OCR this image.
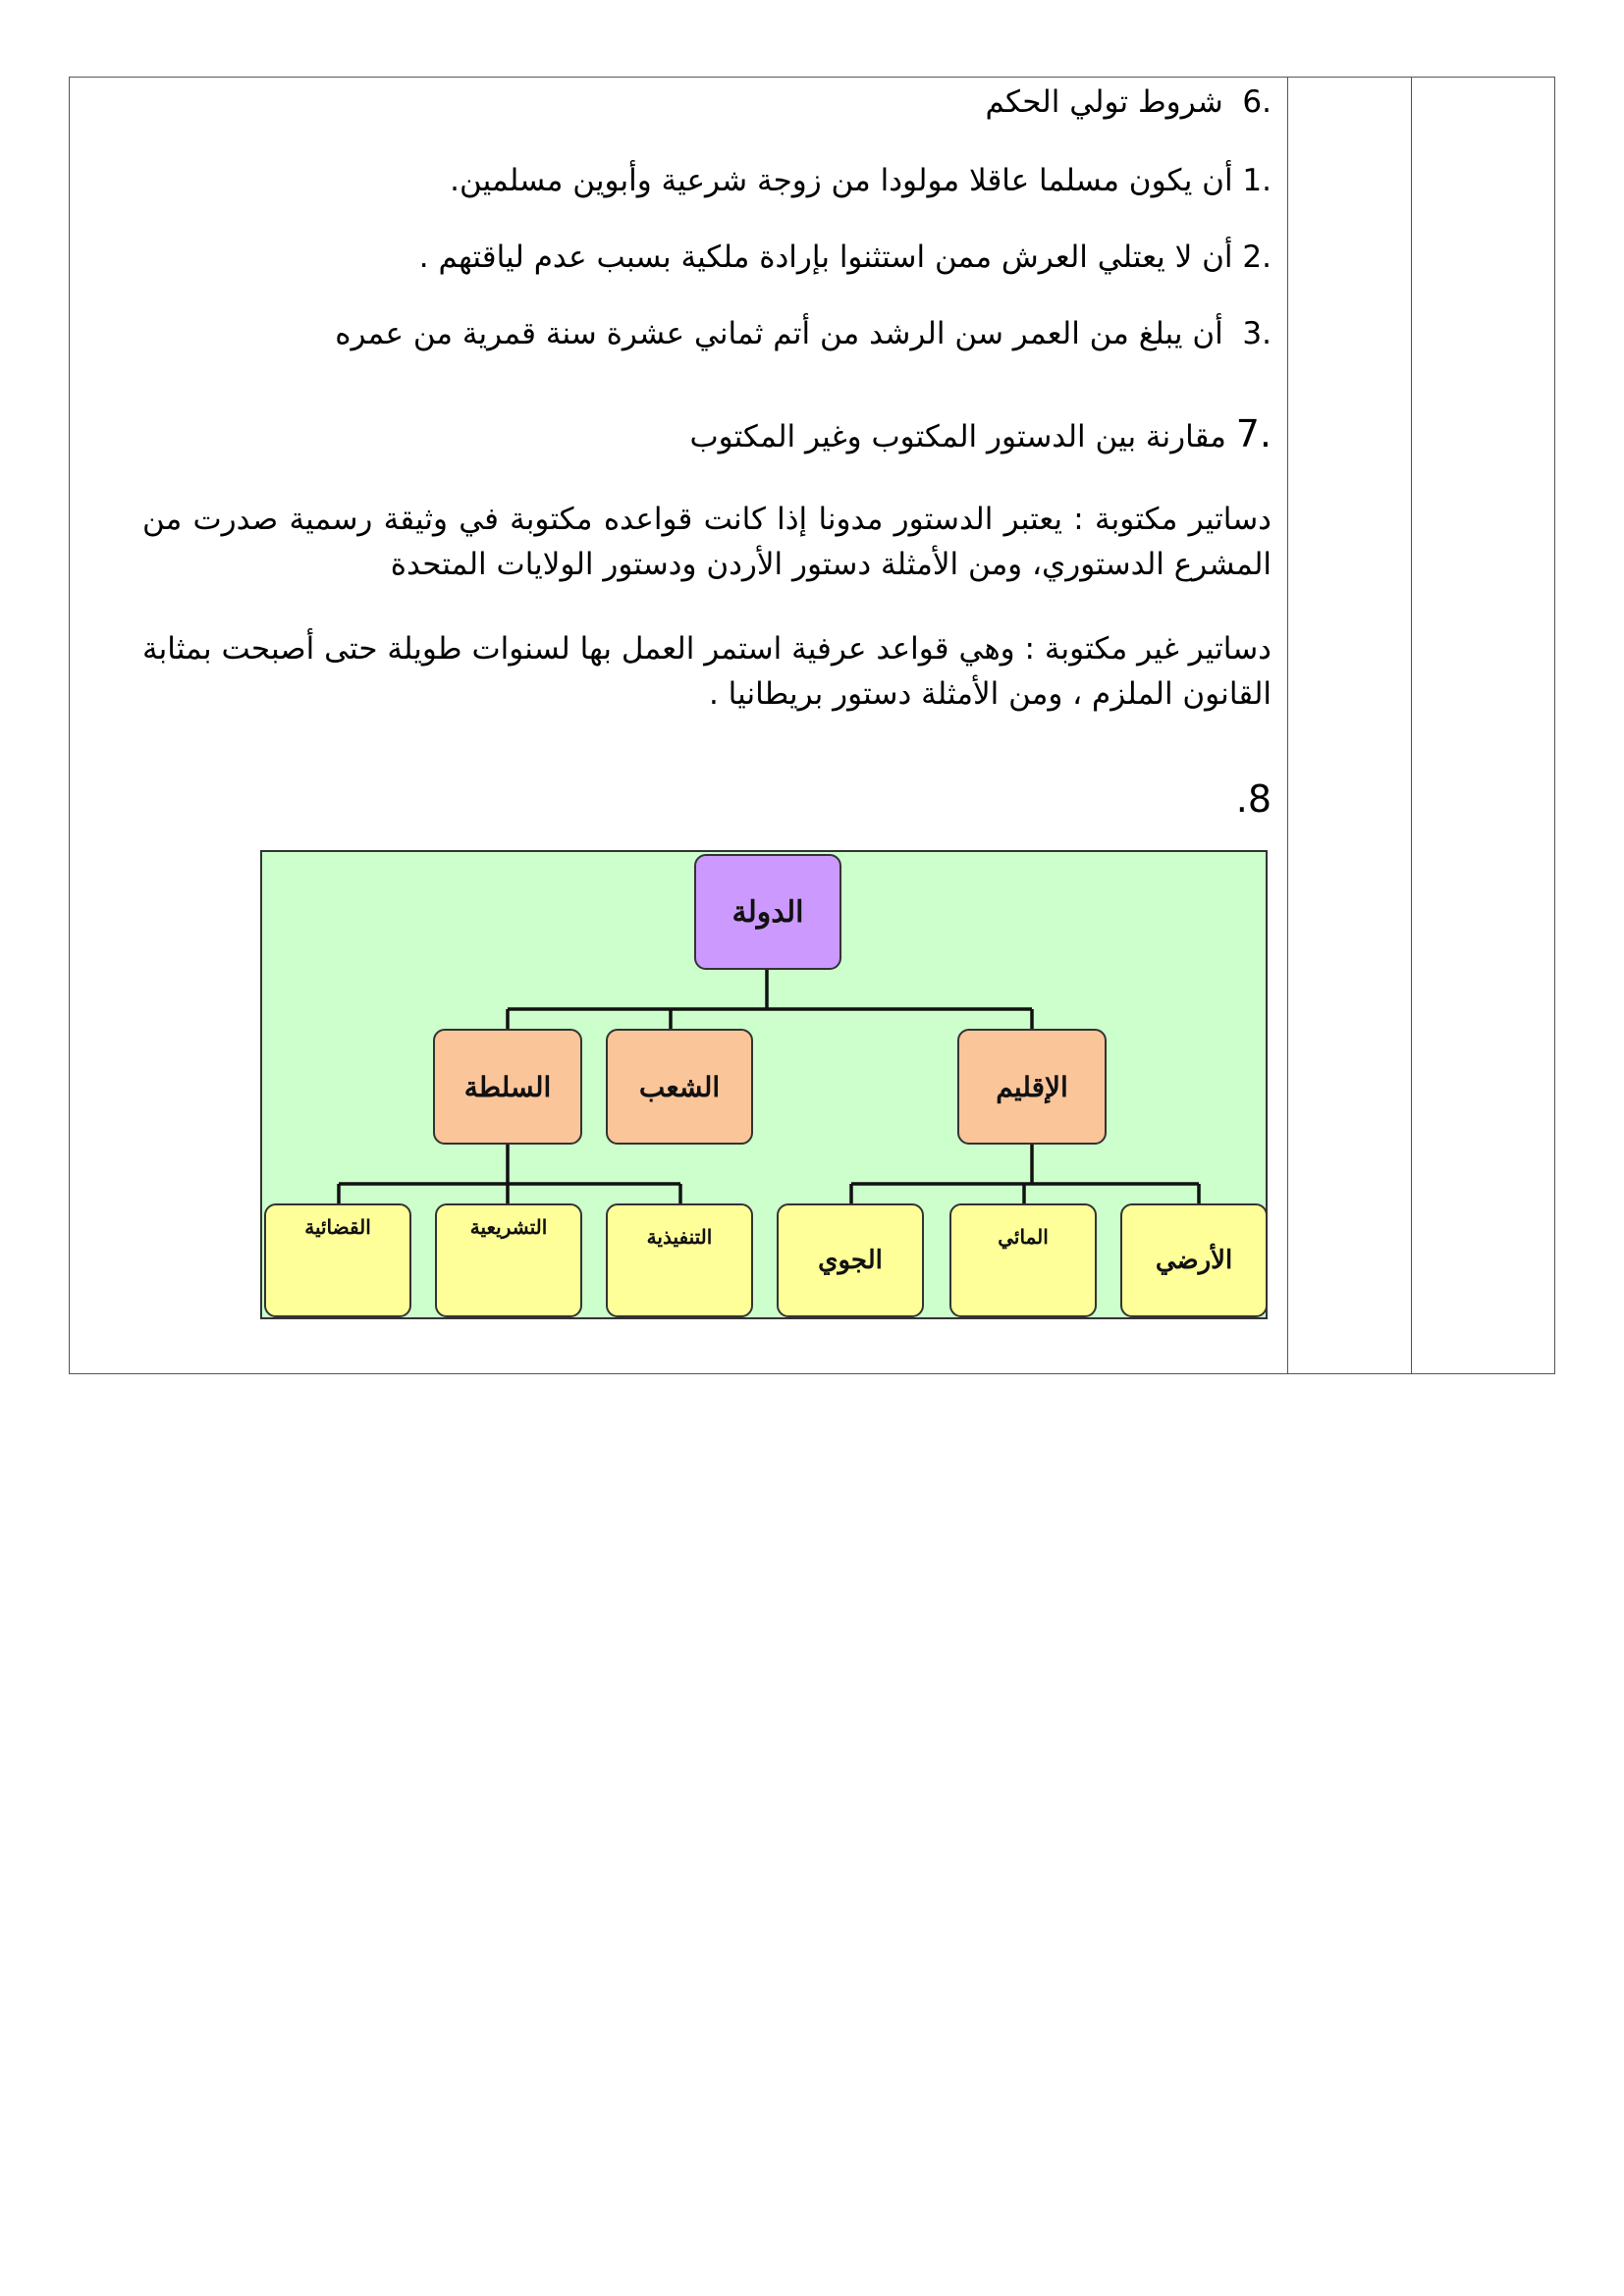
6.  شروط تولي الحكم
1. أن يكون مسلما عاقلا مولودا من زوجة شرعية وأبوين مسلمين.
2. أن لا يعتلي العرش ممن استثنوا بإرادة ملكية بسبب عدم لياقتهم .
3.  أن يبلغ من العمر سن الرشد من أتم ثماني عشرة سنة قمرية من عمره
7. مقارنة بين الدستور المكتوب وغير المكتوب
دساتير مكتوبة : يعتبر الدستور مدونا إذا كانت قواعده مكتوبة في وثيقة رسمية صدرت من المشرع الدستوري، ومن الأمثلة دستور الأردن ودستور الولايات المتحدة
دساتير غير مكتوبة : وهي قواعد عرفية استمر العمل بها لسنوات طويلة حتى أصبحت بمثابة القانون الملزم ، ومن الأمثلة دستور بريطانيا .
.8
الدولة
السلطة	الشعب	الإقليم
القضائية	التشريعية	التنفيذية
الجوي
المائي
الأرضي
